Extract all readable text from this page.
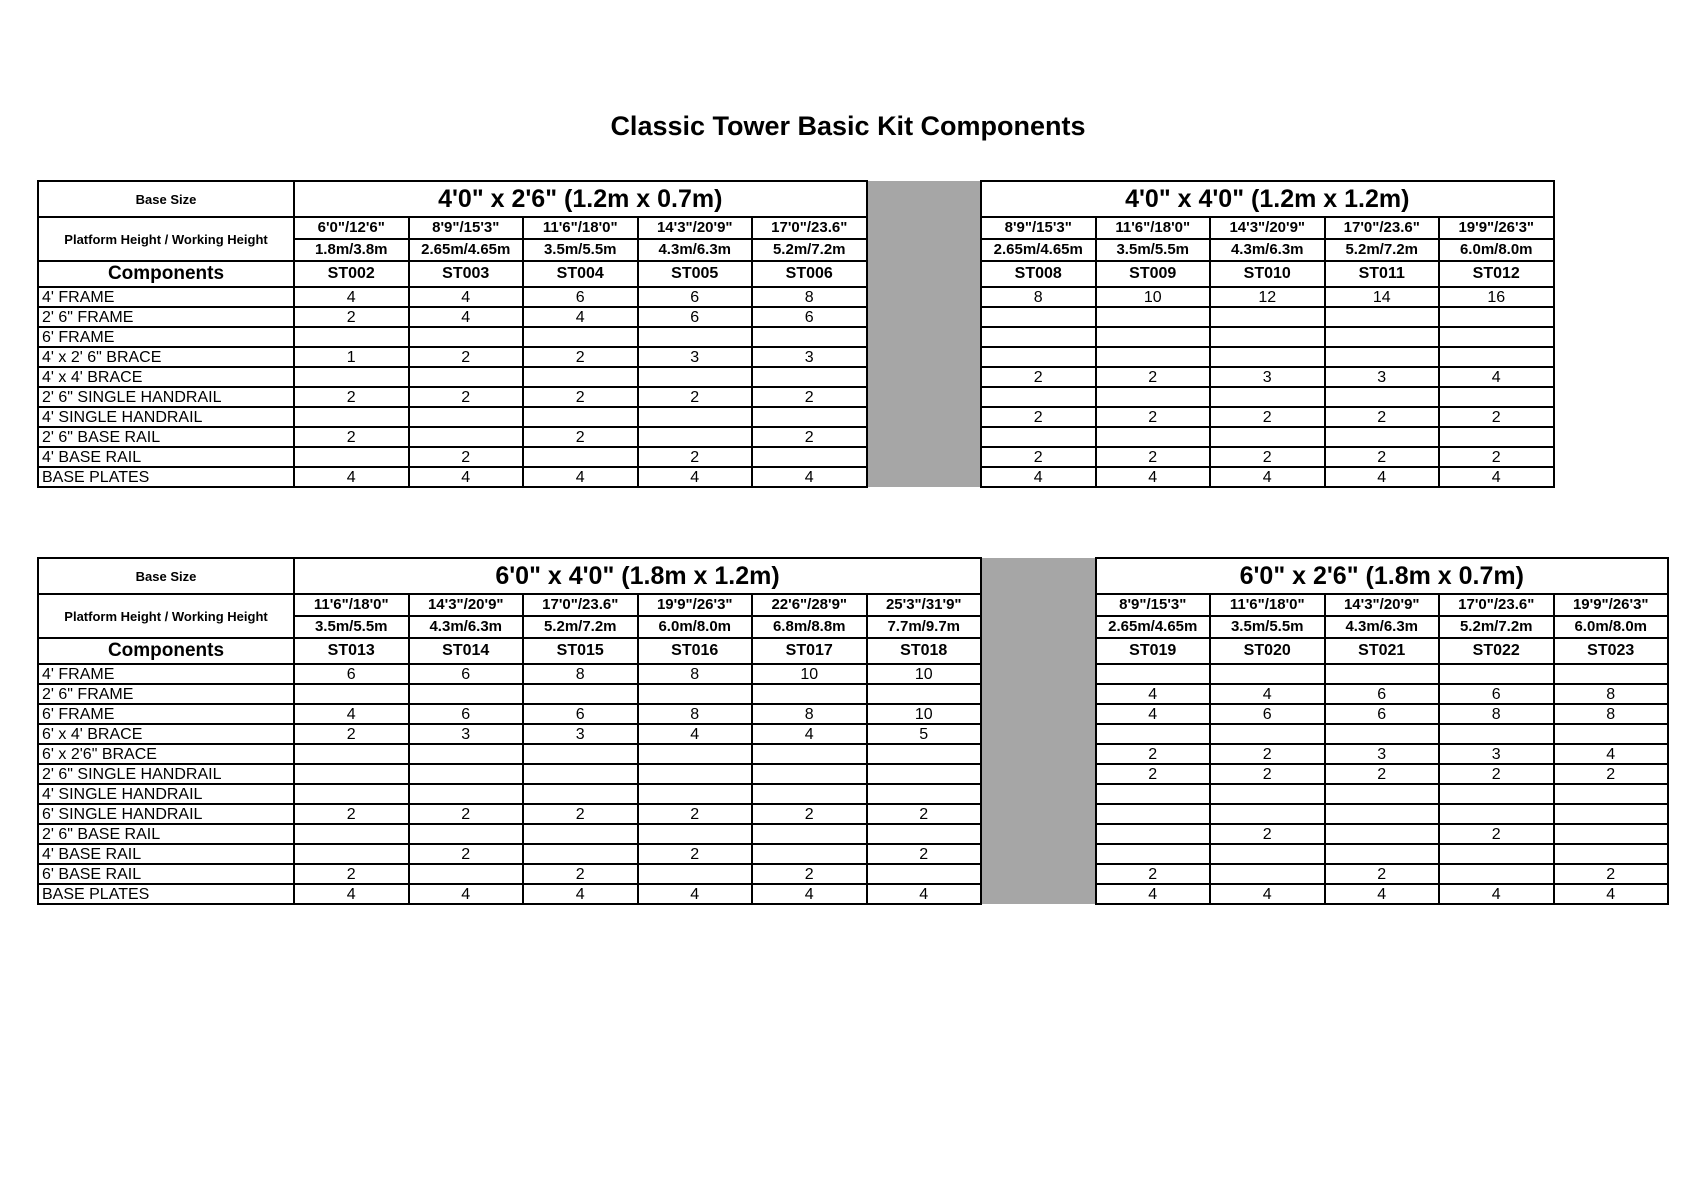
Classic Tower Basic Kit Components
Base Size	4'0" x 2'6" (1.2m x 0.7m)						4'0" x 4'0" (1.2m x 1.2m)				
Platform Height / Working Height	6'0"/12'6"	8'9"/15'3"	11'6"/18'0"	14'3"/20'9"	17'0"/23.6"		8'9"/15'3"	11'6"/18'0"	14'3"/20'9"	17'0"/23.6"	19'9"/26'3"
	1.8m/3.8m	2.65m/4.65m	3.5m/5.5m	4.3m/6.3m	5.2m/7.2m		2.65m/4.65m	3.5m/5.5m	4.3m/6.3m	5.2m/7.2m	6.0m/8.0m
Components	ST002	ST003	ST004	ST005	ST006		ST008	ST009	ST010	ST011	ST012
4' FRAME	4	4	6	6	8		8	10	12	14	16
2' 6" FRAME	2	4	4	6	6						
6' FRAME											
4' x 2' 6" BRACE	1	2	2	3	3						
4' x 4' BRACE							2	2	3	3	4
2' 6" SINGLE HANDRAIL	2	2	2	2	2						
4' SINGLE HANDRAIL							2	2	2	2	2
2' 6" BASE RAIL	2		2		2						
4' BASE RAIL		2		2			2	2	2	2	2
BASE PLATES	4	4	4	4	4		4	4	4	4	4
Base Size	6'0" x 4'0" (1.8m x 1.2m)							6'0" x 2'6" (1.8m x 0.7m)				
Platform Height / Working Height	11'6"/18'0"	14'3"/20'9"	17'0"/23.6"	19'9"/26'3"	22'6"/28'9"	25'3"/31'9"		8'9"/15'3"	11'6"/18'0"	14'3"/20'9"	17'0"/23.6"	19'9"/26'3"
	3.5m/5.5m	4.3m/6.3m	5.2m/7.2m	6.0m/8.0m	6.8m/8.8m	7.7m/9.7m		2.65m/4.65m	3.5m/5.5m	4.3m/6.3m	5.2m/7.2m	6.0m/8.0m
Components	ST013	ST014	ST015	ST016	ST017	ST018		ST019	ST020	ST021	ST022	ST023
4' FRAME	6	6	8	8	10	10						
2' 6" FRAME								4	4	6	6	8
6' FRAME	4	6	6	8	8	10		4	6	6	8	8
6' x 4' BRACE	2	3	3	4	4	5						
6' x 2'6" BRACE								2	2	3	3	4
2' 6" SINGLE HANDRAIL								2	2	2	2	2
4' SINGLE HANDRAIL												
6' SINGLE HANDRAIL	2	2	2	2	2	2						
2' 6" BASE RAIL									2		2	
4' BASE RAIL		2		2		2						
6' BASE RAIL	2		2		2			2		2		2
BASE PLATES	4	4	4	4	4	4		4	4	4	4	4
